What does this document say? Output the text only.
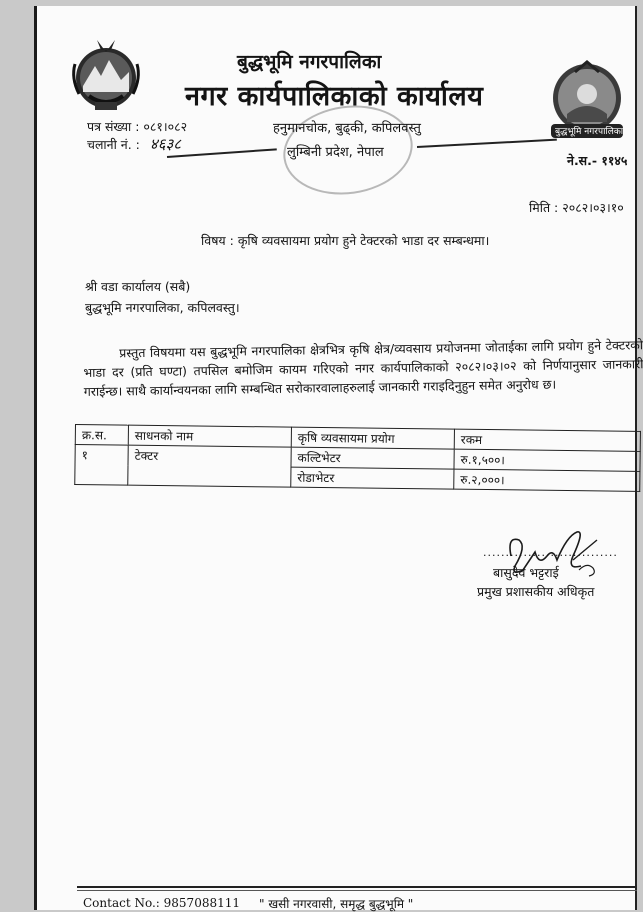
बुद्धभूमि नगरपालिका
बुद्धभूमि नगरपालिका
नगर कार्यपालिकाको कार्यालय
हनुमानचोक, बुढ्की, कपिलवस्तु
लुम्बिनी प्रदेश, नेपाल
पत्र संख्या : ०८१।०८२
चलानी नं. : ४६३८
ने.स.- ११४५
मिति : २०८२।०३।१०
विषय : कृषि व्यवसायमा प्रयोग हुने टेक्टरको भाडा दर सम्बन्धमा।
श्री वडा कार्यालय (सबै)
बुद्धभूमि नगरपालिका, कपिलवस्तु।
प्रस्तुत विषयमा यस बुद्धभूमि नगरपालिका क्षेत्रभित्र कृषि क्षेत्र/व्यवसाय प्रयोजनमा जोताईका लागि प्रयोग हुने टेक्टरको भाडा दर (प्रति घण्टा) तपसिल बमोजिम कायम गरिएको नगर कार्यपालिकाको २०८२।०३।०२ को निर्णयानुसार जानकारी गराईन्छ। साथै कार्यान्वयनका लागि सम्बन्धित सरोकारवालाहरुलाई जानकारी गराइदिनुहुन समेत अनुरोध छ।
क्र.स.	साधनको नाम	कृषि व्यवसायमा प्रयोग	रकम
१	टेक्टर	कल्टिभेटर	रु.१,५००।
		रोडाभेटर	रु.२,०००।
..............................
बासुदेव भट्टराई
प्रमुख प्रशासकीय अधिकृत
Contact No.: 9857088111 " खसी नगरवासी, समृद्ध बुद्धभूमि "
